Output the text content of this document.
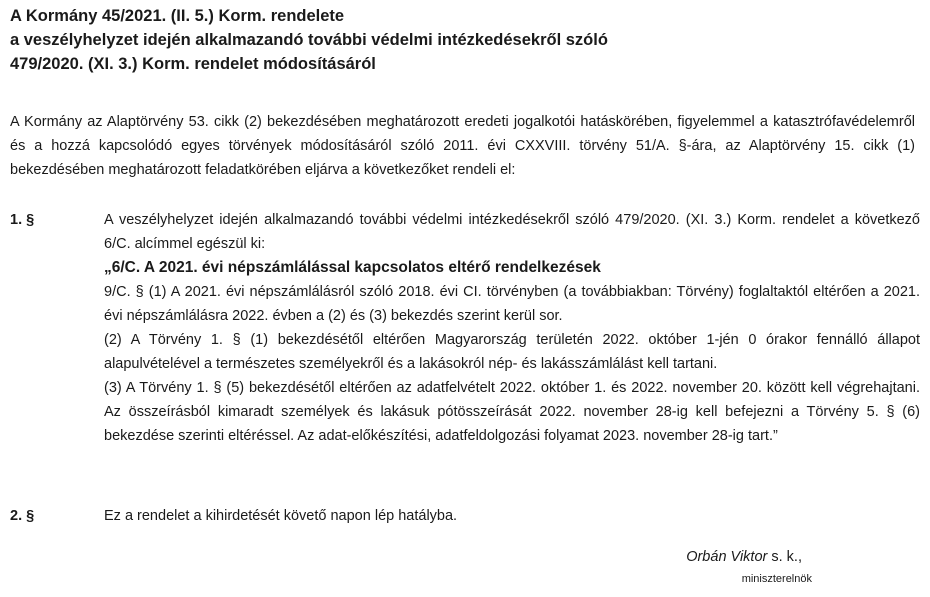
A Kormány 45/2021. (II. 5.) Korm. rendelete
a veszélyhelyzet idején alkalmazandó további védelmi intézkedésekről szóló
479/2020. (XI. 3.) Korm. rendelet módosításáról
A Kormány az Alaptörvény 53. cikk (2) bekezdésében meghatározott eredeti jogalkotói hatáskörében, figyelemmel a katasztrófavédelemről és a hozzá kapcsolódó egyes törvények módosításáról szóló 2011. évi CXXVIII. törvény 51/A. §-ára, az Alaptörvény 15. cikk (1) bekezdésében meghatározott feladatkörében eljárva a következőket rendeli el:
1. §	A veszélyhelyzet idején alkalmazandó további védelmi intézkedésekről szóló 479/2020. (XI. 3.) Korm. rendelet a következő 6/C. alcímmel egészül ki:
„6/C. A 2021. évi népszámlálással kapcsolatos eltérő rendelkezések
9/C. § (1) A 2021. évi népszámlálásról szóló 2018. évi CI. törvényben (a továbbiakban: Törvény) foglaltaktól eltérően a 2021. évi népszámlálásra 2022. évben a (2) és (3) bekezdés szerint kerül sor.
(2) A Törvény 1. § (1) bekezdésétől eltérően Magyarország területén 2022. október 1-jén 0 órakor fennálló állapot alapulvételével a természetes személyekről és a lakásokról nép- és lakásszámlálást kell tartani.
(3) A Törvény 1. § (5) bekezdésétől eltérően az adatfelvételt 2022. október 1. és 2022. november 20. között kell végrehajtani. Az összeírásból kimaradt személyek és lakásuk pótösszeírását 2022. november 28-ig kell befejezni a Törvény 5. § (6) bekezdése szerinti eltéréssel. Az adat-előkészítési, adatfeldolgozási folyamat 2023. november 28-ig tart.”
2. §	Ez a rendelet a kihirdetését követő napon lép hatályba.
Orbán Viktor s. k.,
miniszterelnök
